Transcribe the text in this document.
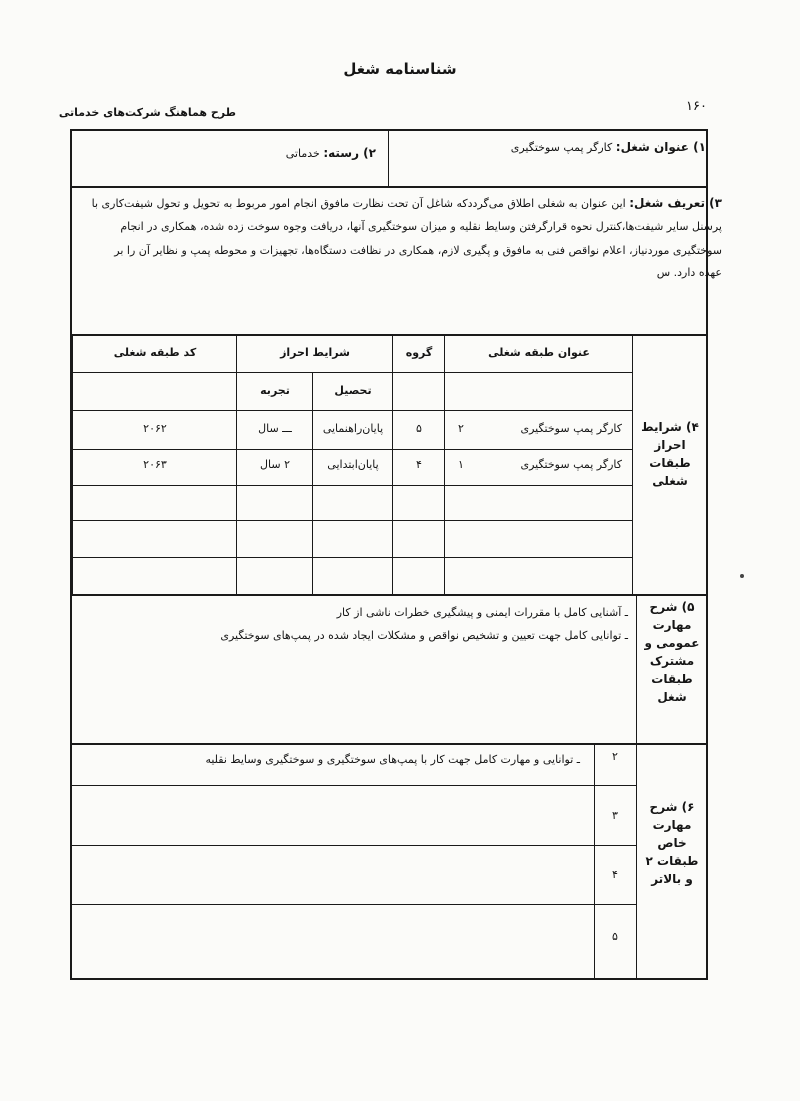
شناسنامه شغل
طرح هماهنگ شرکت‌های خدماتی	۱۶۰
۱) عنوان شغل: کارگر پمپ سوختگیری
۲) رسته: خدماتی
۳) تعریف شغل: این عنوان به شغلی اطلاق می‌گرددکه شاغل آن تحت نظارت مافوق انجام امور مربوط به تحویل و تحول شیفت‌کاری با
پرسنل سایر شیفت‌ها،کنترل نحوه قرارگرفتن وسایط نقلیه و میزان سوختگیری آنها، دریافت وجوه سوخت زده شده، همکاری در انجام
سوختگیری موردنیاز، اعلام نواقص فنی به مافوق و پگیری لازم، همکاری در نظافت دستگاه‌ها، تجهیزات و محوطه پمپ و نظایر آن را بر
عهده دارد. س
۴) شرایط
احراز
طبقات
شغلی
عنوان طبقه شغلی
گروه
شرایط احراز
کد طبقه شغلی
تحصیل
تجربه
کارگر پمپ سوختگیری
۲
۵
پایان‌راهنمایی
ـــ سال
۲۰۶۲
کارگر پمپ سوختگیری
۱
۴
پایان‌ابتدایی
۲ سال
۲۰۶۳
۵) شرح
مهارت
عمومی و
مشترک
طبقات
شغل
ـ آشنایی کامل با مقررات ایمنی و پیشگیری خطرات ناشی از کار
ـ توانایی کامل جهت تعیین و تشخیص نواقص و مشکلات ایجاد شده در پمپ‌های سوختگیری
۶) شرح
مهارت
خاص
طبقات ۲
و بالاتر
۲
۳
۴
۵
ـ توانایی و مهارت کامل جهت کار با پمپ‌های سوختگیری و سوختگیری وسایط نقلیه
